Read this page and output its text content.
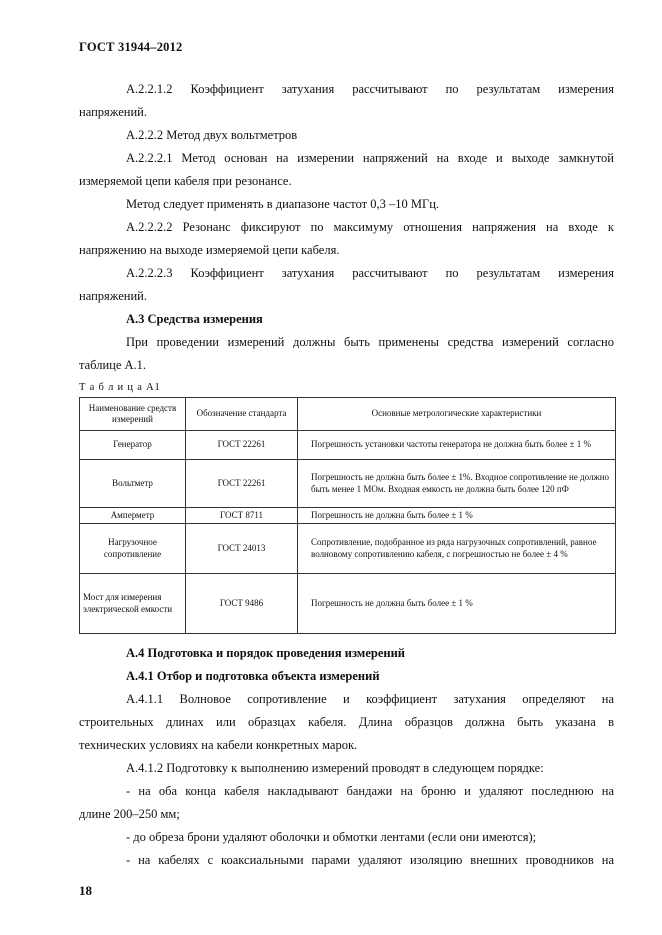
ГОСТ 31944–2012
А.2.2.1.2 Коэффициент затухания рассчитывают по результатам измерения
напряжений.
А.2.2.2 Метод двух вольтметров
А.2.2.2.1 Метод основан на измерении напряжений на входе и выходе замкнутой
измеряемой цепи кабеля при резонансе.
Метод следует применять в диапазоне частот 0,3 –10 МГц.
А.2.2.2.2 Резонанс фиксируют по максимуму отношения напряжения на входе к
напряжению на выходе измеряемой цепи кабеля.
А.2.2.2.3 Коэффициент затухания рассчитывают по результатам измерения
напряжений.
А.3 Средства измерения
При проведении измерений должны быть применены средства измерений согласно
таблице А.1.
Т а б л и ц а А1
Наименование средств измерений	Обозначение стандарта	Основные метрологические характеристики
Генератор	ГОСТ 22261	Погрешность установки частоты генератора не должна быть более ± 1 %

Вольтметр	ГОСТ 22261	Погрешность не должна быть более ± 1%. Входное сопротивление не должно быть менее 1 МОм. Входная емкость не должна быть более 120 пФ

Амперметр	ГОСТ 8711	Погрешность не должна быть более ± 1 %

Нагрузочное сопротивление	ГОСТ 24013	Сопротивление, подобранное из ряда нагрузочных сопротивлений, равное волновому сопротивлению кабеля, с погрешностью не более ± 4 %

Мост для измерения электрической емкости	ГОСТ 9486	Погрешность не должна быть более ± 1 %
А.4 Подготовка и порядок проведения измерений
А.4.1 Отбор и подготовка объекта измерений
А.4.1.1 Волновое сопротивление и коэффициент затухания определяют на
строительных длинах или образцах кабеля. Длина образцов должна быть указана в
технических условиях на кабели конкретных марок.
А.4.1.2 Подготовку к выполнению измерений проводят в следующем порядке:
- на оба конца кабеля накладывают бандажи на броню и удаляют последнюю на
длине 200–250 мм;
- до обреза брони удаляют оболочки и обмотки лентами (если они имеются);
- на кабелях с коаксиальными парами удаляют изоляцию внешних проводников на
18
